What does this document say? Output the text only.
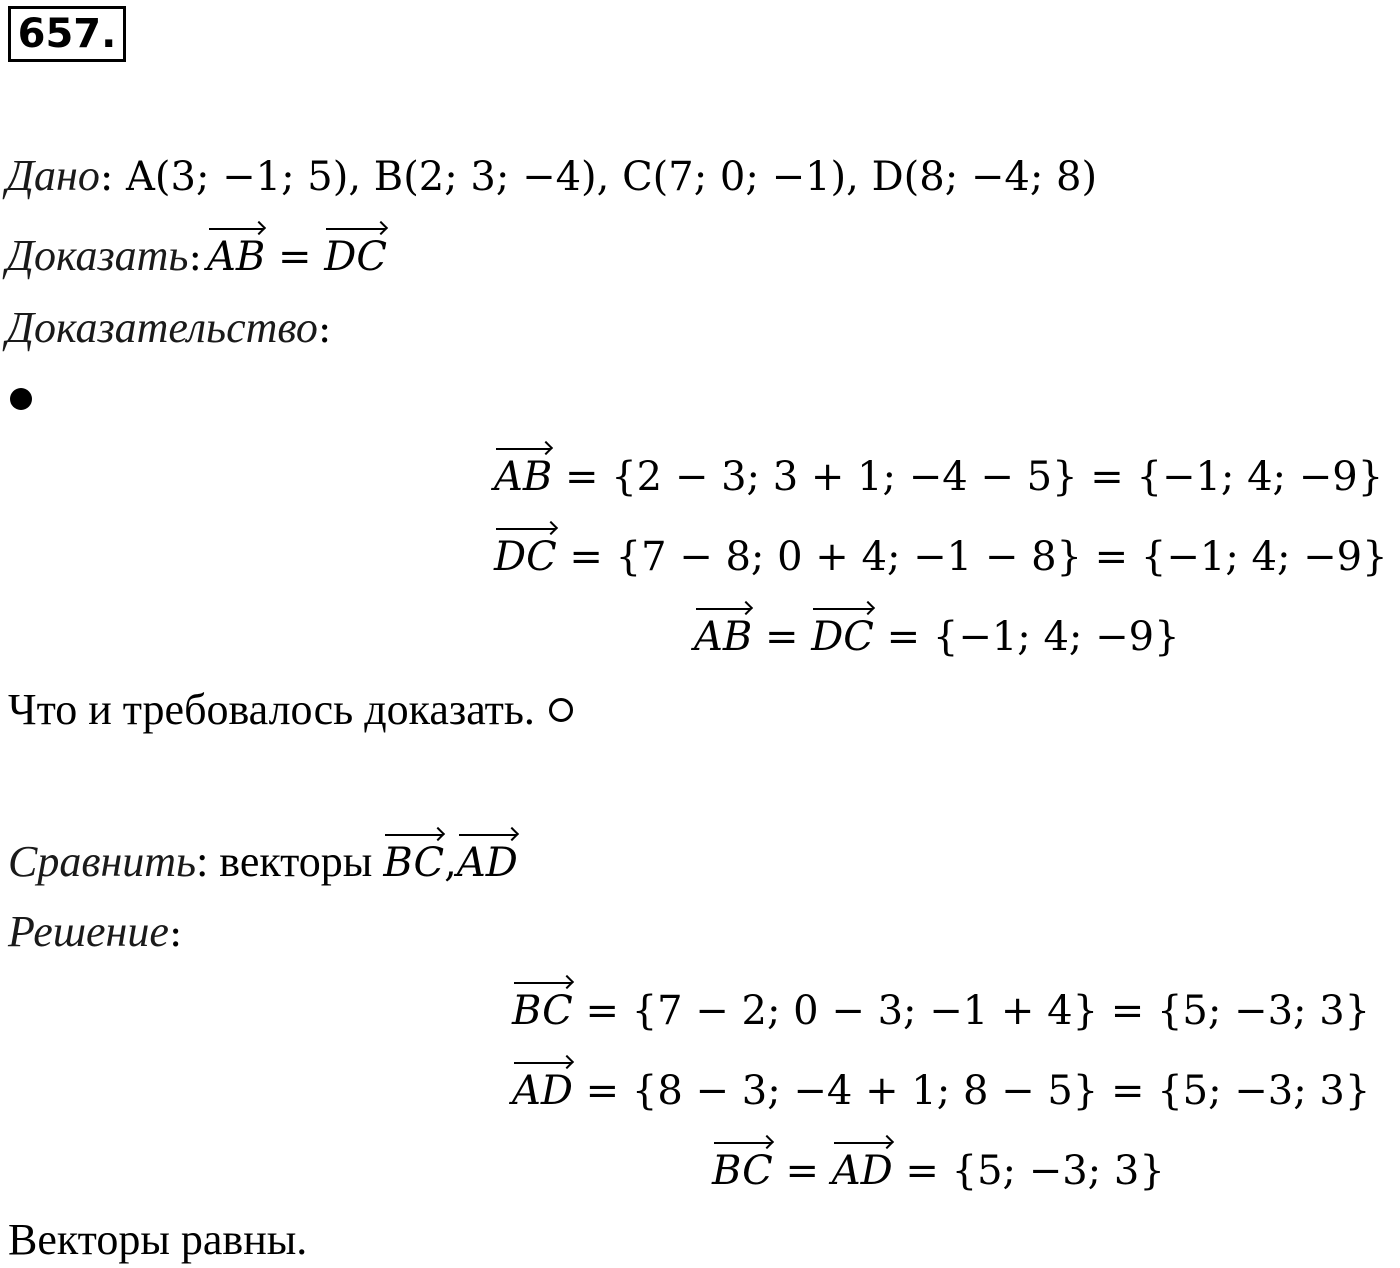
657.
Дано: A(3; −1; 5), B(2; 3; −4), C(7; 0; −1), D(8; −4; 8)
Доказать: AB = DC
Доказательство:
AB = {2 − 3; 3 + 1; −4 − 5} = {−1; 4; −9}
DC = {7 − 8; 0 + 4; −1 − 8} = {−1; 4; −9}
AB = DC = {−1; 4; −9}
Что и требовалось доказать.
Сравнить: векторы BC,AD
Решение:
BC = {7 − 2; 0 − 3; −1 + 4} = {5; −3; 3}
AD = {8 − 3; −4 + 1; 8 − 5} = {5; −3; 3}
BC = AD = {5; −3; 3}
Векторы равны.
